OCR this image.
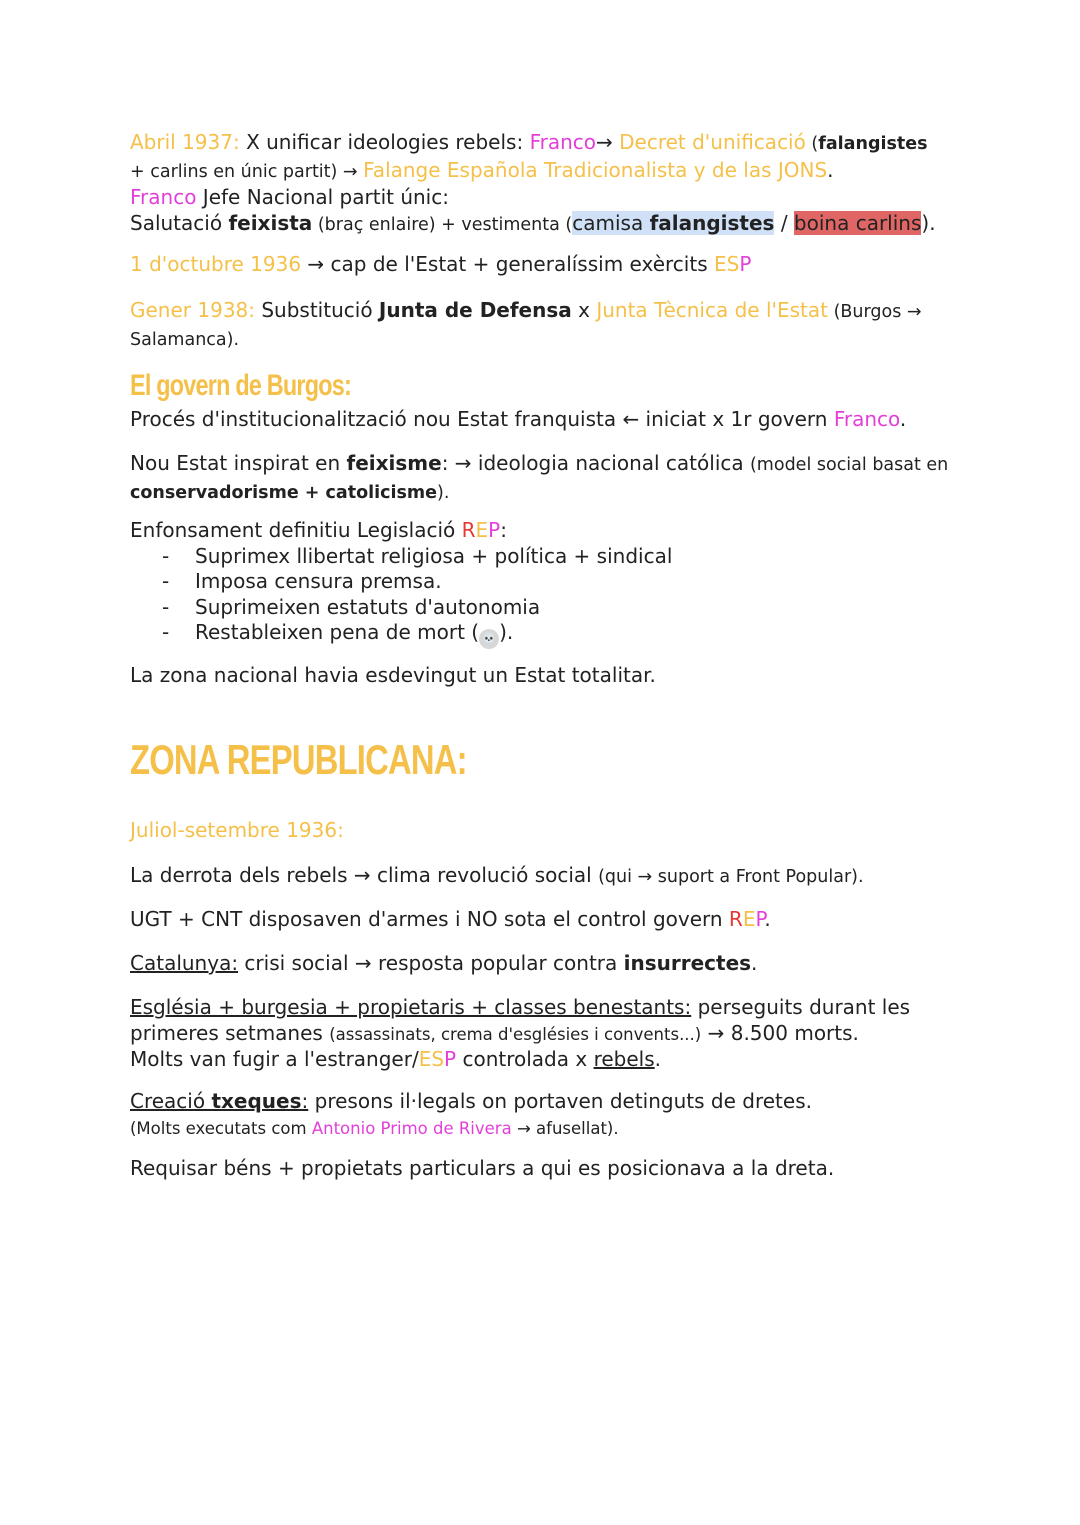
Abril 1937: X unificar ideologies rebels: Franco→ Decret d'unificació (falangistes
+ carlins en únic partit) → Falange Española Tradicionalista y de las JONS.
Franco Jefe Nacional partit únic:
Salutació feixista (braç enlaire) + vestimenta (camisa falangistes / boina carlins).
1 d'octubre 1936 → cap de l'Estat + generalíssim exèrcits ESP
Gener 1938: Substitució Junta de Defensa x Junta Tècnica de l'Estat (Burgos → Salamanca).
El govern de Burgos:
Procés d'institucionalització nou Estat franquista ← iniciat x 1r govern Franco.
Nou Estat inspirat en feixisme: → ideologia nacional católica (model social basat en conservadorisme + catolicisme).
Enfonsament definitiu Legislació REP:
- Suprimex llibertat religiosa + política + sindical
- Imposa censura premsa.
- Suprimeixen estatuts d'autonomia
- Restableixen pena de mort ( 💀 ).
La zona nacional havia esdevingut un Estat totalitar.
ZONA REPUBLICANA:
Juliol-setembre 1936:
La derrota dels rebels → clima revolució social (qui → suport a Front Popular).
UGT + CNT disposaven d'armes i NO sota el control govern REP.
Catalunya: crisi social → resposta popular contra insurrectes.
Església + burgesia + propietaris + classes benestants: perseguits durant les primeres setmanes (assassinats, crema d'esglésies i convents...) → 8.500 morts.
Molts van fugir a l'estranger/ESP controlada x rebels.
Creació txeques: presons il·legals on portaven detinguts de dretes.
(Molts executats com Antonio Primo de Rivera → afusellat).
Requisar béns + propietats particulars a qui es posicionava a la dreta.
